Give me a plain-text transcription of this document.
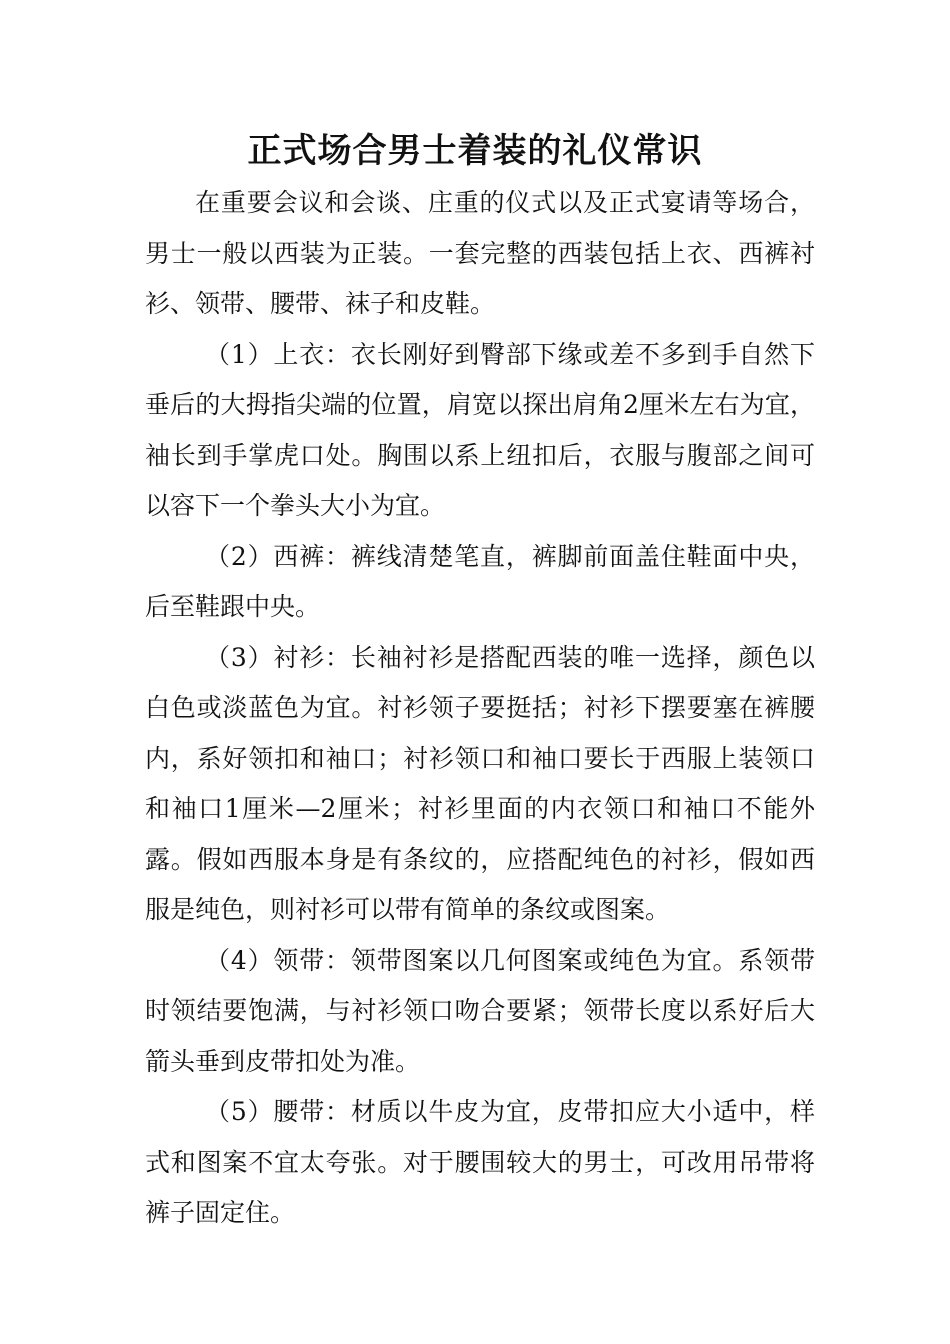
正式场合男士着装的礼仪常识

在重要会议和会谈、庄重的仪式以及正式宴请等场合，男士一般以西装为正装。一套完整的西装包括上衣、西裤衬衫、领带、腰带、袜子和皮鞋。

（1）上衣：衣长刚好到臀部下缘或差不多到手自然下垂后的大拇指尖端的位置，肩宽以探出肩角2厘米左右为宜，袖长到手掌虎口处。胸围以系上纽扣后，衣服与腹部之间可以容下一个拳头大小为宜。

（2）西裤：裤线清楚笔直，裤脚前面盖住鞋面中央，后至鞋跟中央。

（3）衬衫：长袖衬衫是搭配西装的唯一选择，颜色以白色或淡蓝色为宜。衬衫领子要挺括；衬衫下摆要塞在裤腰内，系好领扣和袖口；衬衫领口和袖口要长于西服上装领口和袖口1厘米—2厘米；衬衫里面的内衣领口和袖口不能外露。假如西服本身是有条纹的，应搭配纯色的衬衫，假如西服是纯色，则衬衫可以带有简单的条纹或图案。

（4）领带：领带图案以几何图案或纯色为宜。系领带时领结要饱满，与衬衫领口吻合要紧；领带长度以系好后大箭头垂到皮带扣处为准。

（5）腰带：材质以牛皮为宜，皮带扣应大小适中，样式和图案不宜太夸张。对于腰围较大的男士，可改用吊带将裤子固定住。
